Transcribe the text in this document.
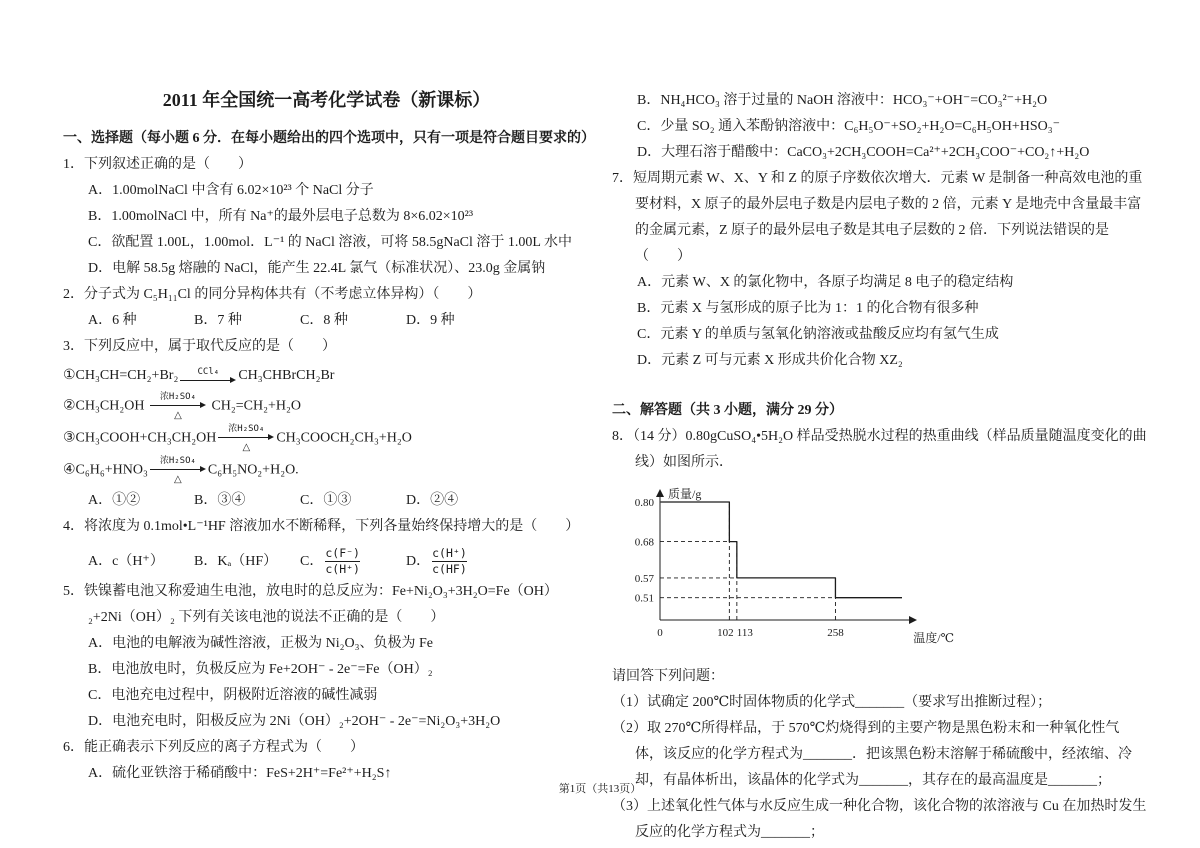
2011 年全国统一高考化学试卷（新课标）
一、选择题（每小题 6 分．在每小题给出的四个选项中，只有一项是符合题目要求的）
1．下列叙述正确的是（　　）
A．1.00molNaCl 中含有 6.02×10²³ 个 NaCl 分子
B．1.00molNaCl 中，所有 Na⁺的最外层电子总数为 8×6.02×10²³
C．欲配置 1.00L，1.00mol．L⁻¹ 的 NaCl 溶液，可将 58.5gNaCl 溶于 1.00L 水中
D．电解 58.5g 熔融的 NaCl，能产生 22.4L 氯气（标准状况）、23.0g 金属钠
2．分子式为 C₅H₁₁Cl 的同分异构体共有（不考虑立体异构）（　　）
A．6 种	B．7 种	C．8 种	D．9 种
3．下列反应中，属于取代反应的是（　　）
①CH₃CH=CH₂+Br₂ CCl₄ CH₃CHBrCH₂Br
②CH₃CH₂OH
浓H₂SO₄
△
CH₂=CH₂+H₂O
③CH₃COOH+CH₃CH₂OH
浓H₂SO₄
△
CH₃COOCH₂CH₃+H₂O
④C₆H₆+HNO₃
浓H₂SO₄
△
C₆H₅NO₂+H₂O.
A．①②	B．③④	C．①③	D．②④
4．将浓度为 0.1mol•L⁻¹HF 溶液加水不断稀释，下列各量始终保持增大的是（　　）
A．c（H⁺）	B．Kₐ（HF）	C． $\frac{c(F^-)}{c(H^+)}$	D． $\frac{c(H^+)}{c(HF)}$
5．铁镍蓄电池又称爱迪生电池，放电时的总反应为：Fe+Ni₂O₃+3H₂O=Fe（OH）₂+2Ni（OH）₂ 下列有关该电池的说法不正确的是（　　）
A．电池的电解液为碱性溶液，正极为 Ni₂O₃、负极为 Fe
B．电池放电时，负极反应为 Fe+2OH⁻ - 2e⁻=Fe（OH）₂
C．电池充电过程中，阴极附近溶液的碱性减弱
D．电池充电时，阳极反应为 2Ni（OH）₂+2OH⁻ - 2e⁻=Ni₂O₃+3H₂O
6．能正确表示下列反应的离子方程式为（　　）
A．硫化亚铁溶于稀硝酸中：FeS+2H⁺=Fe²⁺+H₂S↑
B．NH₄HCO₃ 溶于过量的 NaOH 溶液中：HCO₃⁻+OH⁻=CO₃²⁻+H₂O
C．少量 SO₂ 通入苯酚钠溶液中：C₆H₅O⁻+SO₂+H₂O=C₆H₅OH+HSO₃⁻
D．大理石溶于醋酸中：CaCO₃+2CH₃COOH=Ca²⁺+2CH₃COO⁻+CO₂↑+H₂O
7．短周期元素 W、X、Y 和 Z 的原子序数依次增大．元素 W 是制备一种高效电池的重要材料，X 原子的最外层电子数是内层电子数的 2 倍，元素 Y 是地壳中含量最丰富的金属元素，Z 原子的最外层电子数是其电子层数的 2 倍．下列说法错误的是（　　）
A．元素 W、X 的氯化物中，各原子均满足 8 电子的稳定结构
B．元素 X 与氢形成的原子比为 1：1 的化合物有很多种
C．元素 Y 的单质与氢氧化钠溶液或盐酸反应均有氢气生成
D．元素 Z 可与元素 X 形成共价化合物 XZ₂
二、解答题（共 3 小题，满分 29 分）
8．（14 分）0.80gCuSO₄•5H₂O 样品受热脱水过程的热重曲线（样品质量随温度变化的曲线）如图所示．
质量/g
温度/℃
0.80
0.68
0.57
0.51
0	102 113	258
请回答下列问题：
（1）试确定 200℃时固体物质的化学式_______（要求写出推断过程）；
（2）取 270℃所得样品，于 570℃灼烧得到的主要产物是黑色粉末和一种氧化性气体，该反应的化学方程式为_______．把该黑色粉末溶解于稀硫酸中，经浓缩、冷却，有晶体析出，该晶体的化学式为_______，其存在的最高温度是_______；
（3）上述氧化性气体与水反应生成一种化合物，该化合物的浓溶液与 Cu 在加热时发生反应的化学方程式为_______；
第1页（共13页）
